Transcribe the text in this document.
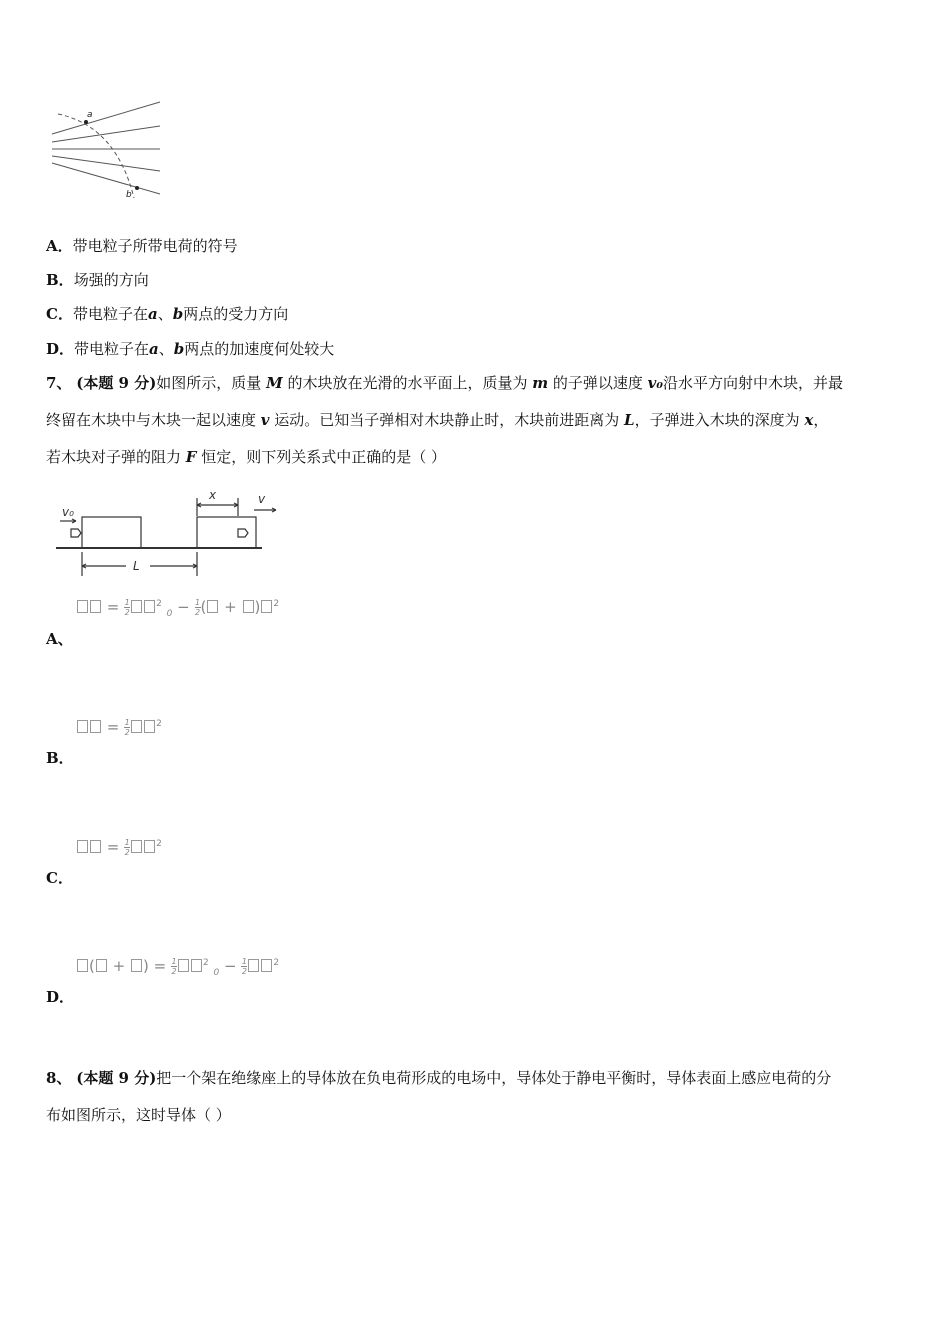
a
b
A．带电粒子所带电荷的符号
B．场强的方向
C．带电粒子在a、b两点的受力方向
D．带电粒子在a、b两点的加速度何处较大
7、 (本题 9 分)如图所示，质量 M 的木块放在光滑的水平面上，质量为 m 的子弹以速度 v₀沿水平方向射中木块，并最
终留在木块中与木块一起以速度 v 运动。已知当子弹相对木块静止时，木块前进距离为 L，子弹进入木块的深度为 x，
若木块对子弹的阻力 F 恒定，则下列关系式中正确的是（ ）
v₀
x	v
L
= $\frac{1}{2}$	$^2$ $_0 - \frac{1}{2}$ ( + ) $^2$
A、
= $\frac{1}{2}$	$^2$
B．
= $\frac{1}{2}$	$^2$
C．
( + ) = $\frac{1}{2}$	$^2$ $_0 - \frac{1}{2}$	$^2$
D．
8、 (本题 9 分)把一个架在绝缘座上的导体放在负电荷形成的电场中，导体处于静电平衡时，导体表面上感应电荷的分
布如图所示，这时导体（ ）
